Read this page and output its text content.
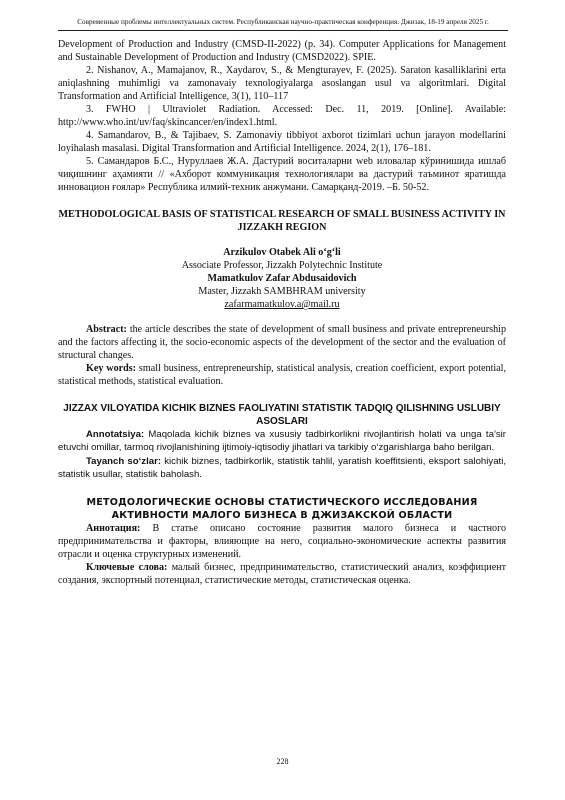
Современные проблемы интеллектуальных систем. Республиканская научно-практическая конференция. Джизак, 18-19 апреля 2025 г.

Development of Production and Industry (CMSD-II-2022) (p. 34). Computer Applications for Management and Sustainable Development of Production and Industry (CMSD2022). SPIE.

2. Nishanov, A., Mamajanov, R., Xaydarov, S., & Mengturayev, F. (2025). Saraton kasalliklarini erta aniqlashning muhimligi va zamonavaiy texnologiyalarga asoslangan usul va algoritmlari. Digital Transformation and Artificial Intelligence, 3(1), 110–117

3. FWHO | Ultraviolet Radiation. Accessed: Dec. 11, 2019. [Online]. Available: http://www.who.int/uv/faq/skincancer/en/index1.html.

4. Samandarov, B., & Tajibaev, S. Zamonaviy tibbiyot axborot tizimlari uchun jarayon modellarini loyihalash masalasi. Digital Transformation and Artificial Intelligence. 2024, 2(1), 176–181.

5. Самандаров Б.С., Нуруллаев Ж.А. Дастурий воситаларни web иловалар кўринишида ишлаб чиқишнинг аҳамияти // «Ахборот коммуникация технологиялари ва дастурий таъминот яратишда инновацион ғоялар» Республика илмий-техник анжумани. Самарқанд-2019. –Б. 50-52.

METHODOLOGICAL BASIS OF STATISTICAL RESEARCH OF SMALL BUSINESS ACTIVITY IN JIZZAKH REGION

Arzikulov Otabek Ali o‘g‘li

Associate Professor, Jizzakh Polytechnic Institute

Mamatkulov Zafar Abdusaidovich

Master, Jizzakh SAMBHRAM university

zafarmamatkulov.a@mail.ru

Abstract: the article describes the state of development of small business and private entrepreneurship and the factors affecting it, the socio-economic aspects of the development of the sector and the evaluation of structural changes.

Key words: small business, entrepreneurship, statistical analysis, creation coefficient, export potential, statistical methods, statistical evaluation.

JIZZAX VILOYATIDA KICHIK BIZNES FAOLIYATINI STATISTIK TADQIQ QILISHNING USLUBIY ASOSLARI

Annotatsiya: Maqolada kichik biznes va xususiy tadbirkorlikni rivojlantirish holati va unga ta’sir etuvchi omillar, tarmoq rivojlanishining ijtimoiy-iqtisodiy jihatlari va tarkibiy o‘zgarishlarga baho berilgan.

Tayanch so‘zlar: kichik biznes, tadbirkorlik, statistik tahlil, yaratish koeffitsienti, eksport salohiyati, statistik usullar, statistik baholash.

МЕТОДОЛОГИЧЕСКИЕ ОСНОВЫ СТАТИСТИЧЕСКОГО ИССЛЕДОВАНИЯ АКТИВНОСТИ МАЛОГО БИЗНЕСА В ДЖИЗАКСКОЙ ОБЛАСТИ

Аннотация: В статье описано состояние развития малого бизнеса и частного предпринимательства и факторы, влияющие на него, социально-экономические аспекты развития отрасли и оценка структурных изменений.

Ключевые слова: малый бизнес, предпринимательство, статистический анализ, коэффициент создания, экспортный потенциал, статистические методы, статистическая оценка.

228
